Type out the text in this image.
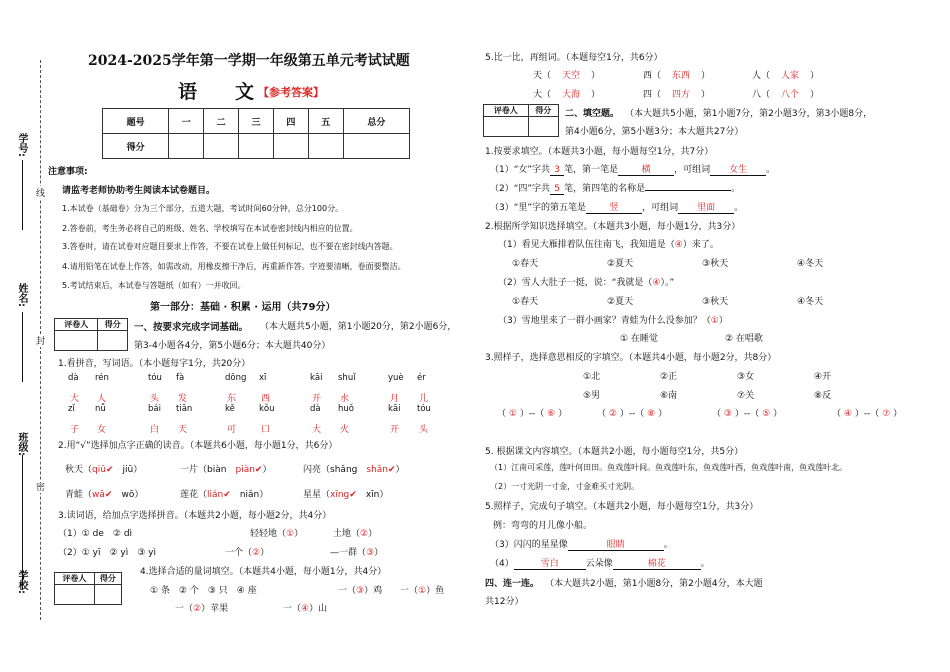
学号:
姓名:
班级:
学校:
线
封
密
2024-2025学年第一学期一年级第五单元考试试题
语　　文 【参考答案】
题号	一	二	三	四	五	总分
得分						
注意事项:
请监考老师协助考生阅读本试卷题目。
1.本试卷（基础卷）分为三个部分，五道大题，考试时间60分钟，总分100分。
2.答卷前，考生务必将自己的班级、姓名、学校填写在本试卷密封线内相应的位置。
3.答卷时，请在试卷对应题目要求上作答，不要在试卷上做任何标记，也不要在密封线内答题。
4.请用铅笔在试卷上作答，如需改动，用橡皮擦干净后，再重新作答。字迹要清晰，卷面要整洁。
5.考试结束后，本试卷与答题纸（如有）一并收回。
第一部分：基础 · 积累 · 运用（共79分）
评卷人	得分
	一、按要求完成字词基础。 （本大题共5小题，第1小题20分，第2小题6分，
第3-4小题各4分，第5小题6分；本大题共40分）
1.看拼音，写词语。（本小题每字1分，共20分）
dà
大
rén
人
tóu
头
fà
发
dōng
东
xī
西
kāi
开
shuǐ
水
yuè
月
ér
儿
zǐ
子
nǚ
女
bái
白
tiān
天
kě
可
kǒu
口
dà
大
huǒ
火
kāi
开
tóu
头
2.用“√”选择加点字正确的读音。（本题共6小题，每小题1分，共6分）
秋天（qiū✔　 jiū）	一片（biàn　 piàn✔）	闪亮（shǎng　 shǎn✔）
青蛙（wā✔　 wō）	莲花（lián✔　 niǎn）	星星（xīng✔　 xīn）
3.读词语，给加点字选择拼音。（本题共2小题，每小题2分，共4分）
（1）① de　② dì
（2）① yī　② yì　③ yì
轻轻地（①）	土地（②）
一个（②）	—一群（③）
评卷人	得分

4.选择合适的量词填空。（本题共4小题，每小题1分，共4分）
① 条　② 个　③ 只　④ 座	一（③）鸡 一（①）鱼
一（②）苹果	一（④）山
5.比一比，再组词。（本题每空1分，共6分）
天（ 天空 ）	西（ 东西 ）	人（ 人家 ）
大（ 大海 ）	四（ 四方 ）	八（ 八个 ）
评卷人	得分
	二、填空题。 （本大题共5小题，第1小题7分，第2小题3分，第3小题8分，
第4小题6分，第5小题3分；本大题共27分）
1.按要求填空。（本题共3小题，每小题每空1分，共7分）
（1）“女”字共 3 笔，第一笔是	横	，可组词 女生 。
（2）“四”字共 5 笔，第四笔的名称是	。
（3）“里”字的第五笔是	竖	，可组词 里面 。
2.根据所学知识选择填空。（本题共3小题，每小题1分，共3分）
（1）看见大雁排着队伍往南飞，我知道是（④）来了。
①春天	②夏天	③秋天	④冬天
（2）雪人大肚子一挺，说：“我就是（④）。”
①春天	②夏天	③秋天	④冬天
（3）雪地里来了一群小画家？青蛙为什么没参加？（①）
① 在睡觉	② 在唱歌
3.照样子，选择意思相反的字填空。（本题共4小题，每小题2分，共8分）
①北	②正	③女	④开
⑤男	⑥南	⑦关	⑧反
（ ① ）--（ ⑥ ）	（ ② ）--（ ⑧ ）	（ ③ ）--（ ⑤ ）	（ ④ ）--（ ⑦ ）
5. 根据课文内容填空。（本题共2小题，每小题每空1分，共5分）
（1）江南可采莲，莲叶何田田。鱼戏莲叶间。鱼戏莲叶东，鱼戏莲叶西，鱼戏莲叶南，鱼戏莲叶北。
（2）一寸光阴一寸金，寸金难买寸光阴。
5.照样子，完成句子填空。（本题共2小题，每小题每空1分，共3分）
例：弯弯的月儿像小船。
（3）闪闪的星星像	眼睛	。
（4）	雪白	云朵像	棉花	。
四、连一连。 （本大题共2小题，第1小题8分，第2小题4分，本大题
共12分）
